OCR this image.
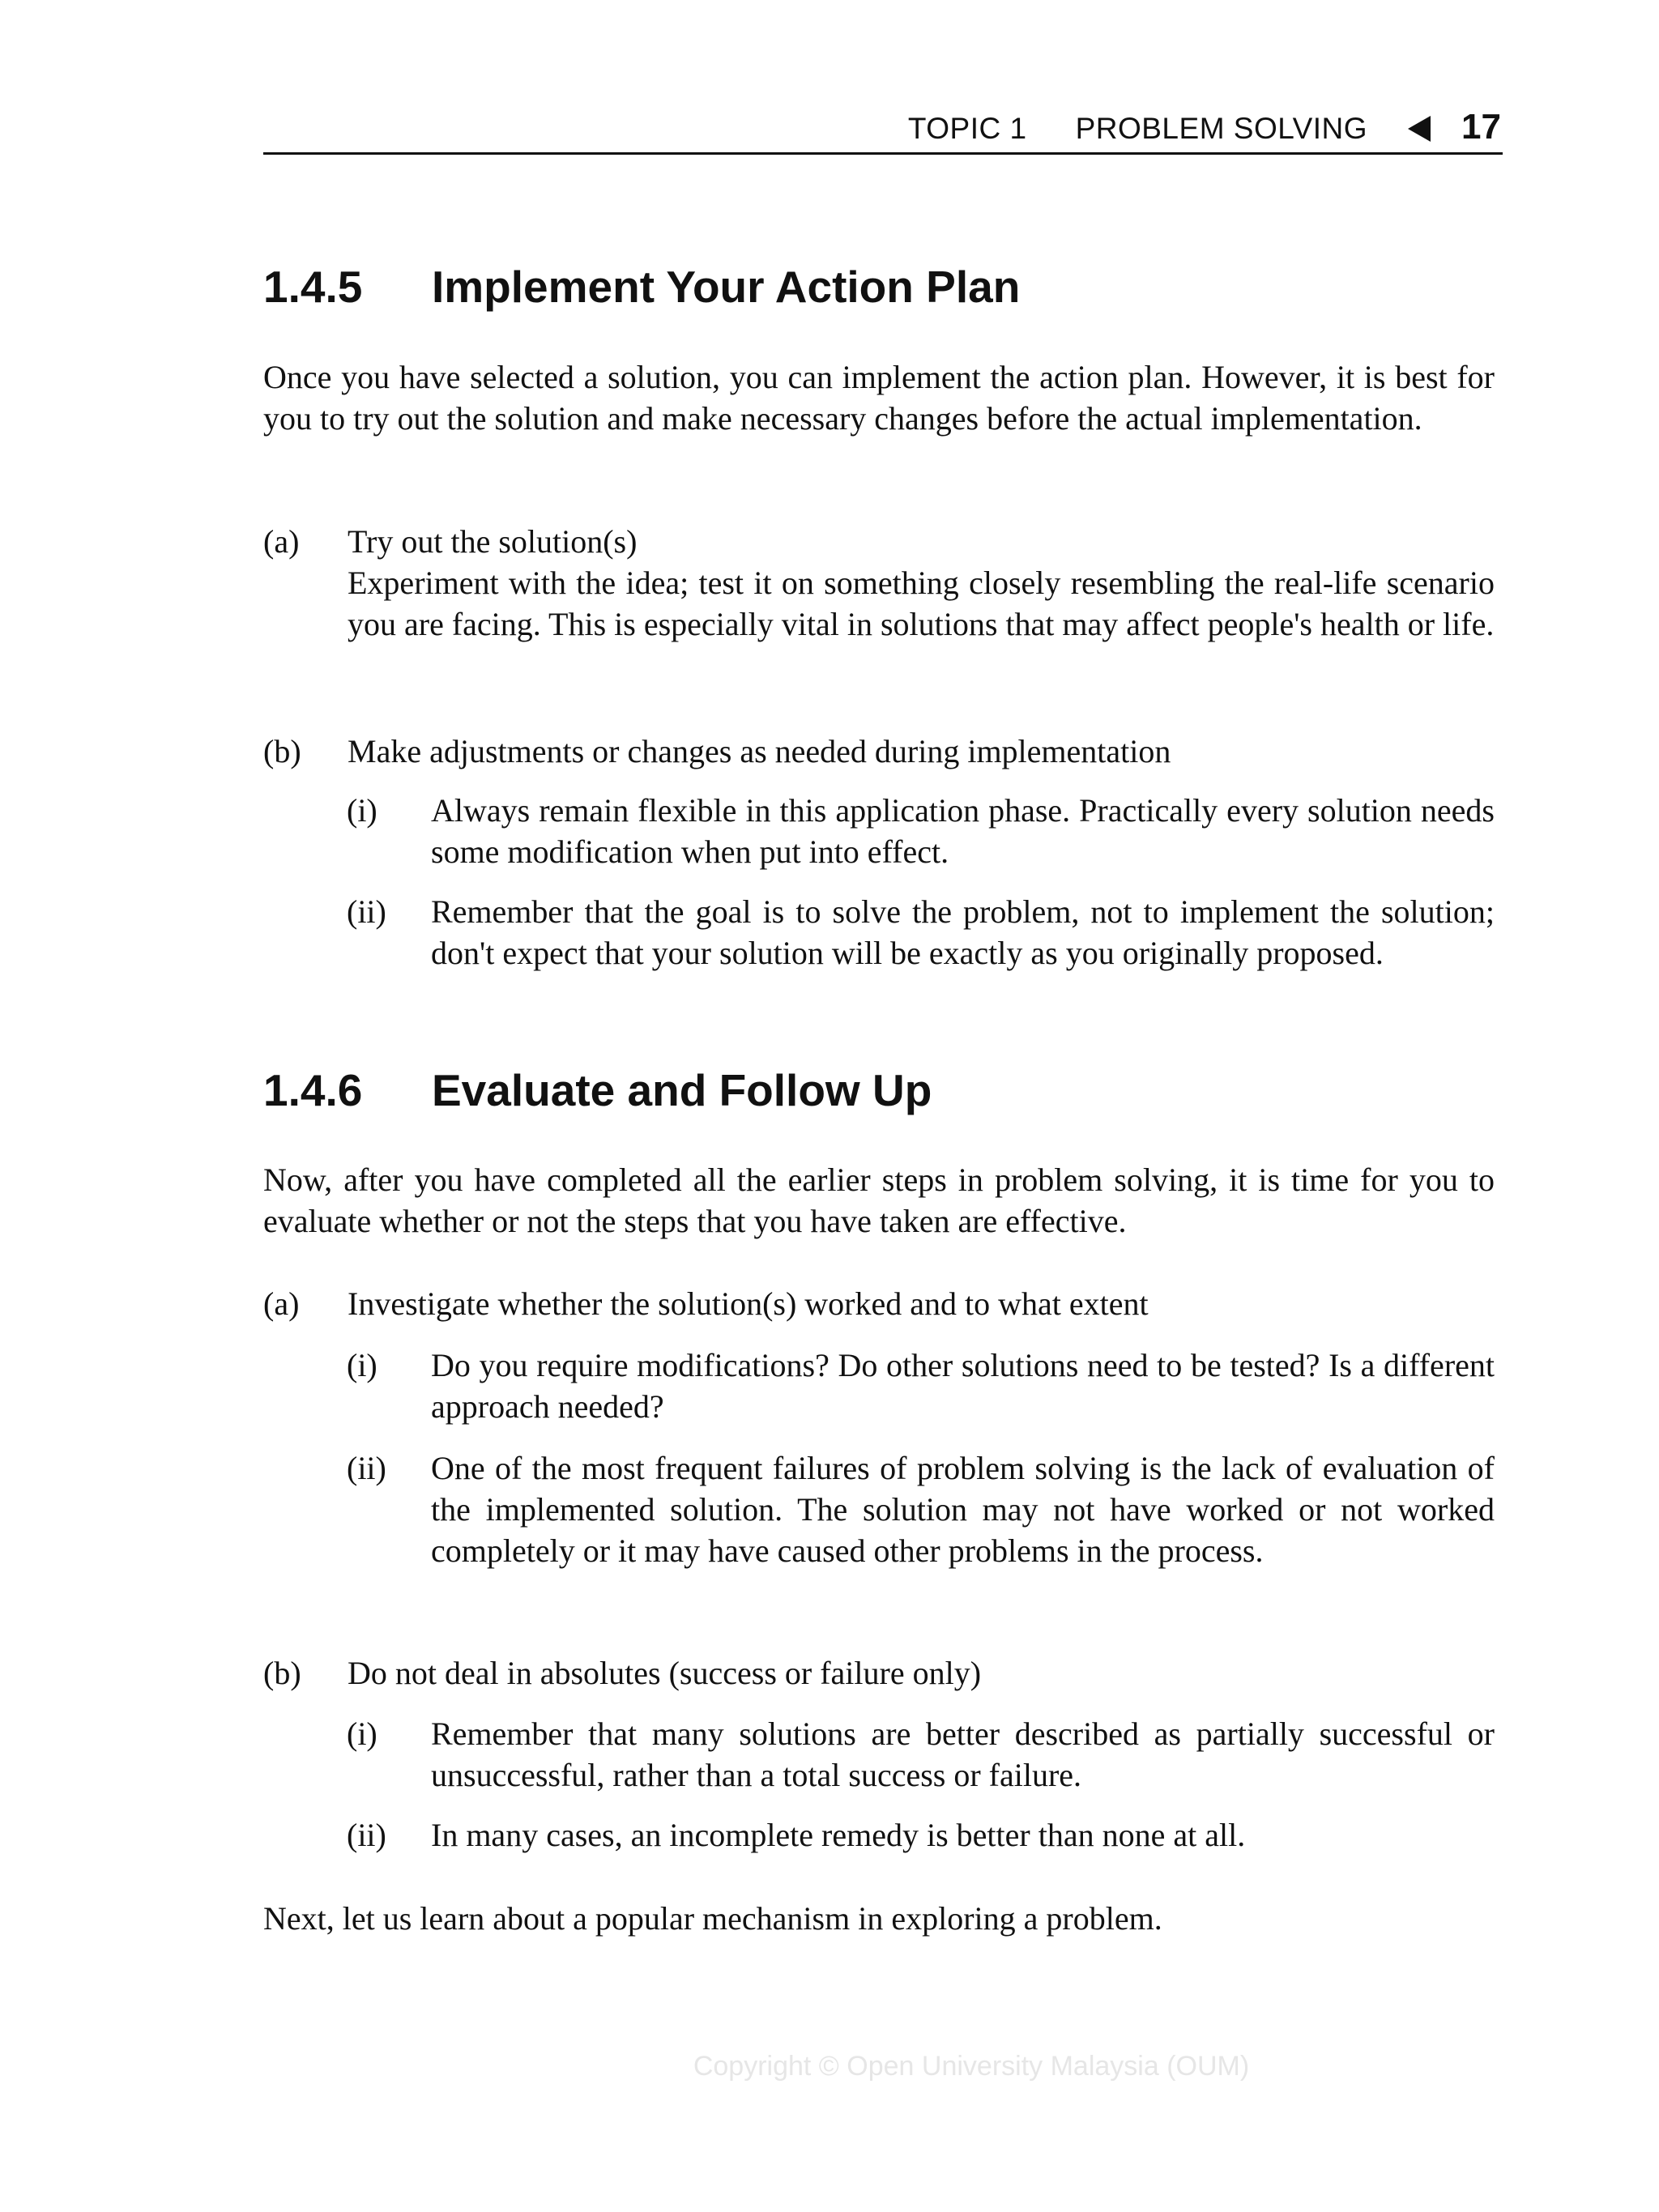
TOPIC 1 PROBLEM SOLVING	17
1.4.5 Implement Your Action Plan
Once you have selected a solution, you can implement the action plan. However, it is best for you to try out the solution and make necessary changes before the actual implementation.
(a) Try out the solution(s)
Experiment with the idea; test it on something closely resembling the real-life scenario you are facing. This is especially vital in solutions that may affect people's health or life.
(b) Make adjustments or changes as needed during implementation
(i) Always remain flexible in this application phase. Practically every solution needs some modification when put into effect.
(ii) Remember that the goal is to solve the problem, not to implement the solution; don't expect that your solution will be exactly as you originally proposed.
1.4.6 Evaluate and Follow Up
Now, after you have completed all the earlier steps in problem solving, it is time for you to evaluate whether or not the steps that you have taken are effective.
(a) Investigate whether the solution(s) worked and to what extent
(i) Do you require modifications? Do other solutions need to be tested? Is a different approach needed?
(ii) One of the most frequent failures of problem solving is the lack of evaluation of the implemented solution. The solution may not have worked or not worked completely or it may have caused other problems in the process.
(b) Do not deal in absolutes (success or failure only)
(i) Remember that many solutions are better described as partially successful or unsuccessful, rather than a total success or failure.
(ii) In many cases, an incomplete remedy is better than none at all.
Next, let us learn about a popular mechanism in exploring a problem.
Copyright © Open University Malaysia (OUM)
